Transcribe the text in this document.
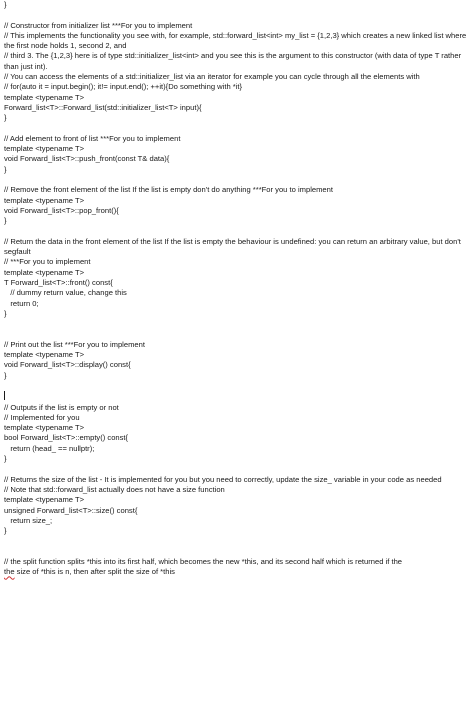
}
// Constructor from initializer list ***For you to implement
// This implements the functionality you see with, for example, std::forward_list<int> my_list = {1,2,3} which creates a new linked list where the first node holds 1, second 2, and
// third 3. The {1,2,3} here is of type std::initializer_list<int> and you see this is the argument to this constructor (with data of type T rather than just int).
// You can access the elements of a std::initializer_list via an iterator for example you can cycle through all the elements with
// for(auto it = input.begin(); it!= input.end(); ++it){Do something with *it}
template <typename T>
Forward_list<T>::Forward_list(std::initializer_list<T> input){
}
// Add element to front of list ***For you to implement
template <typename T>
void Forward_list<T>::push_front(const T& data){
}
// Remove the front element of the list If the list is empty don't do anything ***For you to implement
template <typename T>
void Forward_list<T>::pop_front(){
}
// Return the data in the front element of the list If the list is empty the behaviour is undefined: you can return an arbitrary value, but don't segfault
// ***For you to implement
template <typename T>
T Forward_list<T>::front() const{
// dummy return value, change this
return 0;
}
// Print out the list ***For you to implement
template <typename T>
void Forward_list<T>::display() const{
}
// Outputs if the list is empty or not
// Implemented for you
template <typename T>
bool Forward_list<T>::empty() const{
return (head_ == nullptr);
}
// Returns the size of the list - It is implemented for you but you need to correctly, update the size_ variable in your code as needed
// Note that std::forward_list actually does not have a size function
template <typename T>
unsigned Forward_list<T>::size() const{
return size_;
}
// the split function splits *this into its first half, which becomes the new *this, and its second half which is returned if the
the size of *this is n, then after split the size of *this
